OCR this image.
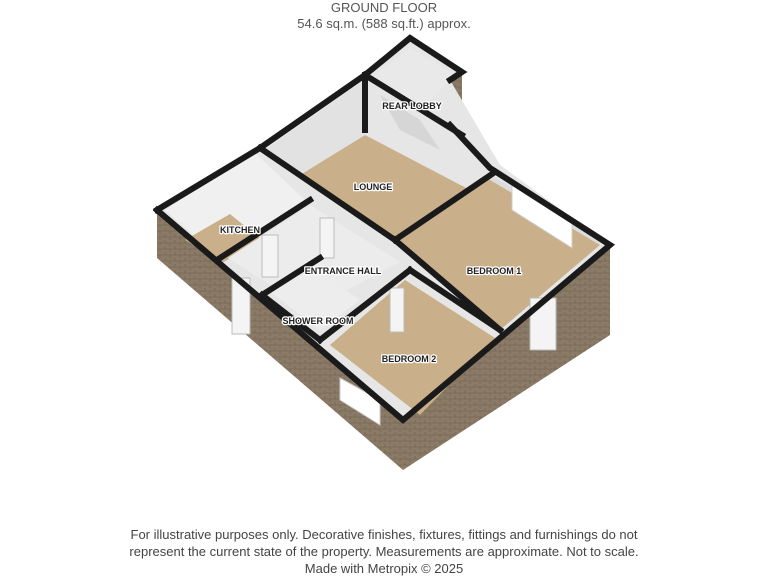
GROUND FLOOR
54.6 sq.m. (588 sq.ft.) approx.
REAR LOBBY
LOUNGE
KITCHEN
ENTRANCE HALL	BEDROOM 1
SHOWER ROOM
BEDROOM 2
For illustrative purposes only. Decorative finishes, fixtures, fittings and furnishings do not
represent the current state of the property. Measurements are approximate. Not to scale.
Made with Metropix © 2025
